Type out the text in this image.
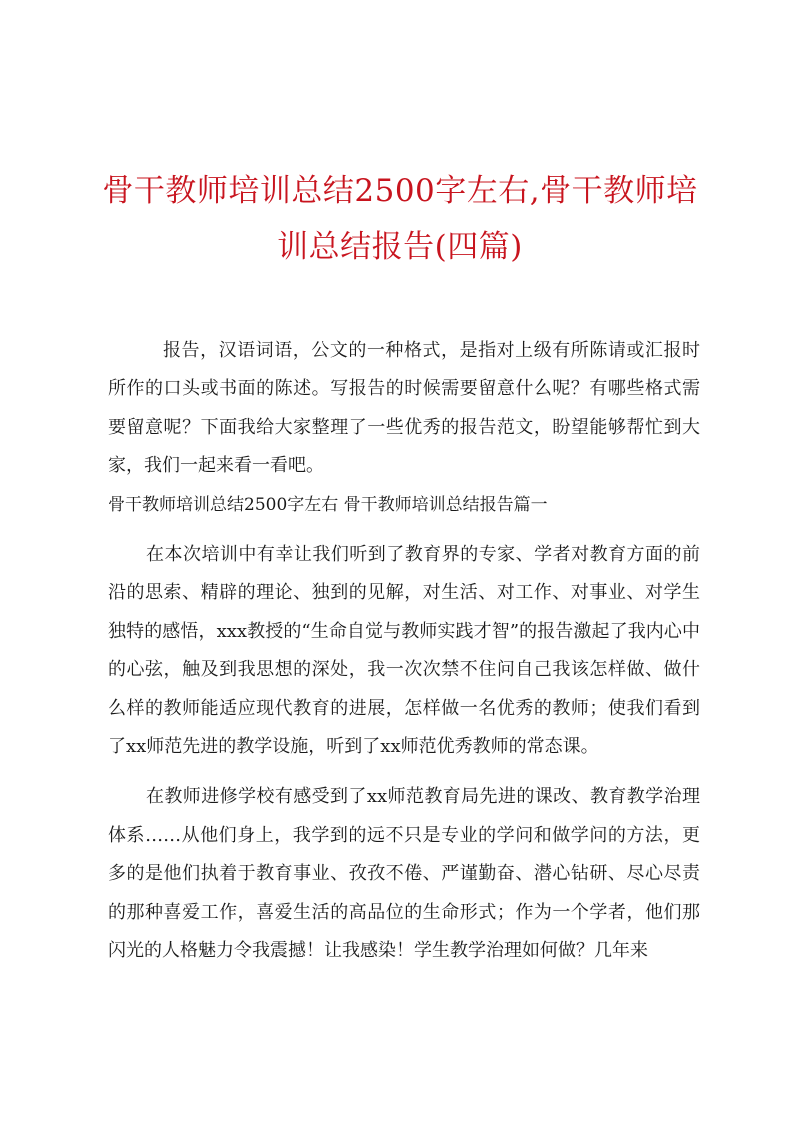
骨干教师培训总结2500字左右,骨干教师培训总结报告(四篇)

报告，汉语词语，公文的一种格式，是指对上级有所陈请或汇报时所作的口头或书面的陈述。写报告的时候需要留意什么呢？有哪些格式需要留意呢？下面我给大家整理了一些优秀的报告范文，盼望能够帮忙到大家，我们一起来看一看吧。

骨干教师培训总结2500字左右 骨干教师培训总结报告篇一

在本次培训中有幸让我们听到了教育界的专家、学者对教育方面的前沿的思索、精辟的理论、独到的见解，对生活、对工作、对事业、对学生独特的感悟，xxx教授的“生命自觉与教师实践才智”的报告激起了我内心中的心弦，触及到我思想的深处，我一次次禁不住问自己我该怎样做、做什么样的教师能适应现代教育的进展，怎样做一名优秀的教师；使我们看到了xx师范先进的教学设施，听到了xx师范优秀教师的常态课。

在教师进修学校有感受到了xx师范教育局先进的课改、教育教学治理体系……从他们身上，我学到的远不只是专业的学问和做学问的方法，更多的是他们执着于教育事业、孜孜不倦、严谨勤奋、潜心钻研、尽心尽责的那种喜爱工作，喜爱生活的高品位的生命形式；作为一个学者，他们那闪光的人格魅力令我震撼！让我感染！学生教学治理如何做？几年来
